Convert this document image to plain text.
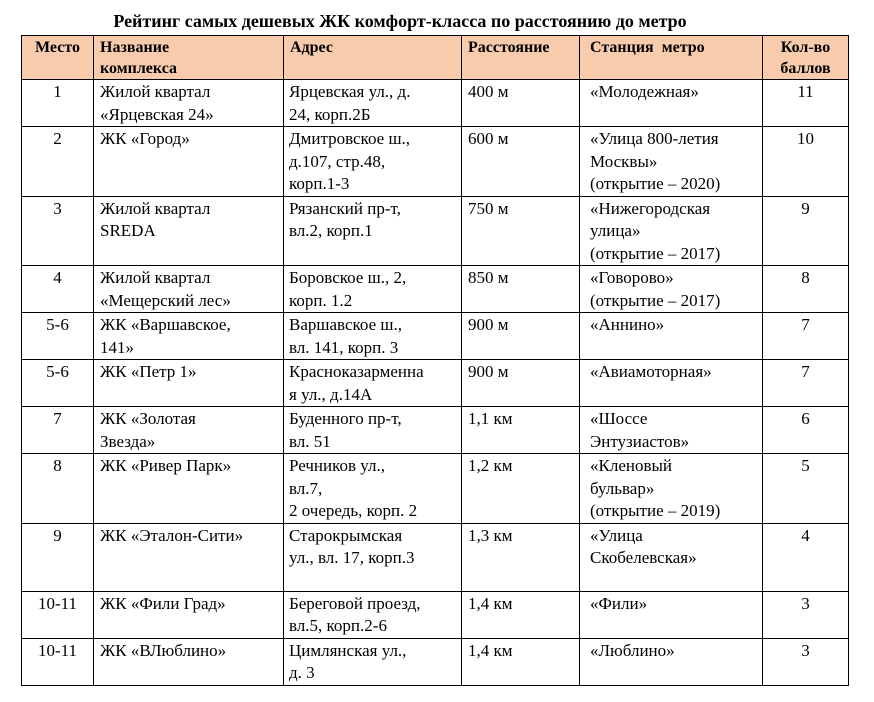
Рейтинг самых дешевых ЖК комфорт-класса по расстоянию до метро
Место	Название
комплекса	Адрес	Расстояние	Станция  метро	Кол-во
баллов

1	Жилой квартал
«Ярцевская 24»	Ярцевская ул., д.
24, корп.2Б	400 м	«Молодежная»	11
2	ЖК «Город»	Дмитровское ш.,
д.107, стр.48,
корп.1-3	600 м	«Улица 800-летия
Москвы»
(открытие – 2020)	10
3	Жилой квартал
SREDA	Рязанский пр-т,
вл.2, корп.1	750 м	«Нижегородская
улица»
(открытие – 2017)	9
4	Жилой квартал
«Мещерский лес»	Боровское ш., 2,
корп. 1.2	850 м	«Говорово»
(открытие – 2017)	8
5-6	ЖК «Варшавское,
141»	Варшавское ш.,
вл. 141, корп. 3	900 м	«Аннино»	7
5-6	ЖК «Петр 1»	Красноказарменна
я ул., д.14А	900 м	«Авиамоторная»	7
7	ЖК «Золотая
Звезда»	Буденного пр-т,
вл. 51	1,1 км	«Шоссе
Энтузиастов»	6
8	ЖК «Ривер Парк»	Речников ул.,
вл.7,
2 очередь, корп. 2	1,2 км	«Кленовый
бульвар»
(открытие – 2019)	5
9	ЖК «Эталон-Сити»	Старокрымская
ул., вл. 17, корп.3	1,3 км	«Улица
Скобелевская»	4
10-11	ЖК «Фили Град»	Береговой проезд,
вл.5, корп.2-6	1,4 км	«Фили»	3
10-11	ЖК «ВЛюблино»	Цимлянская ул.,
д. 3	1,4 км	«Люблино»	3
